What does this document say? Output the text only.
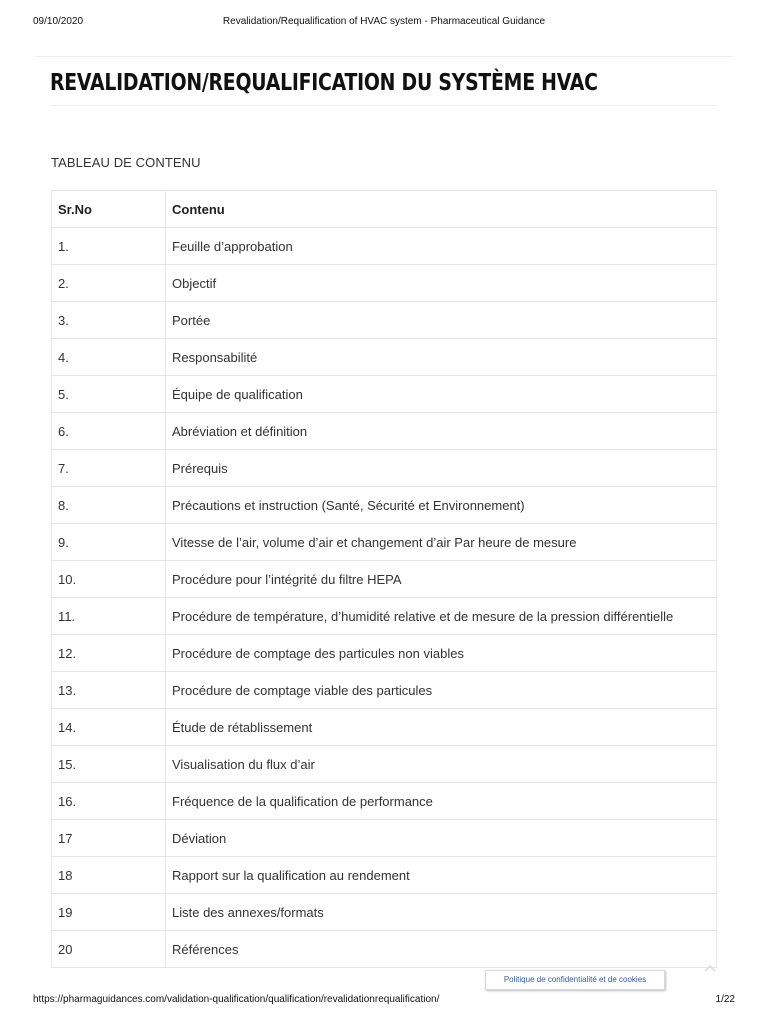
09/10/2020	Revalidation/Requalification of HVAC system - Pharmaceutical Guidance
REVALIDATION/REQUALIFICATION DU SYSTÈME HVAC
TABLEAU DE CONTENU
Sr.No	Contenu
1.	Feuille d’approbation
2.	Objectif
3.	Portée
4.	Responsabilité
5.	Équipe de qualification
6.	Abréviation et définition
7.	Prérequis
8.	Précautions et instruction (Santé, Sécurité et Environnement)
9.	Vitesse de l’air, volume d’air et changement d’air Par heure de mesure
10.	Procédure pour l’intégrité du filtre HEPA
11.	Procédure de température, d’humidité relative et de mesure de la pression différentielle
12.	Procédure de comptage des particules non viables
13.	Procédure de comptage viable des particules
14.	Étude de rétablissement
15.	Visualisation du flux d’air
16.	Fréquence de la qualification de performance
17	Déviation
18	Rapport sur la qualification au rendement
19	Liste des annexes/formats
20	Références
Politique de confidentialité et de cookies
https://pharmaguidances.com/validation-qualification/qualification/revalidationrequalification/	1/22
